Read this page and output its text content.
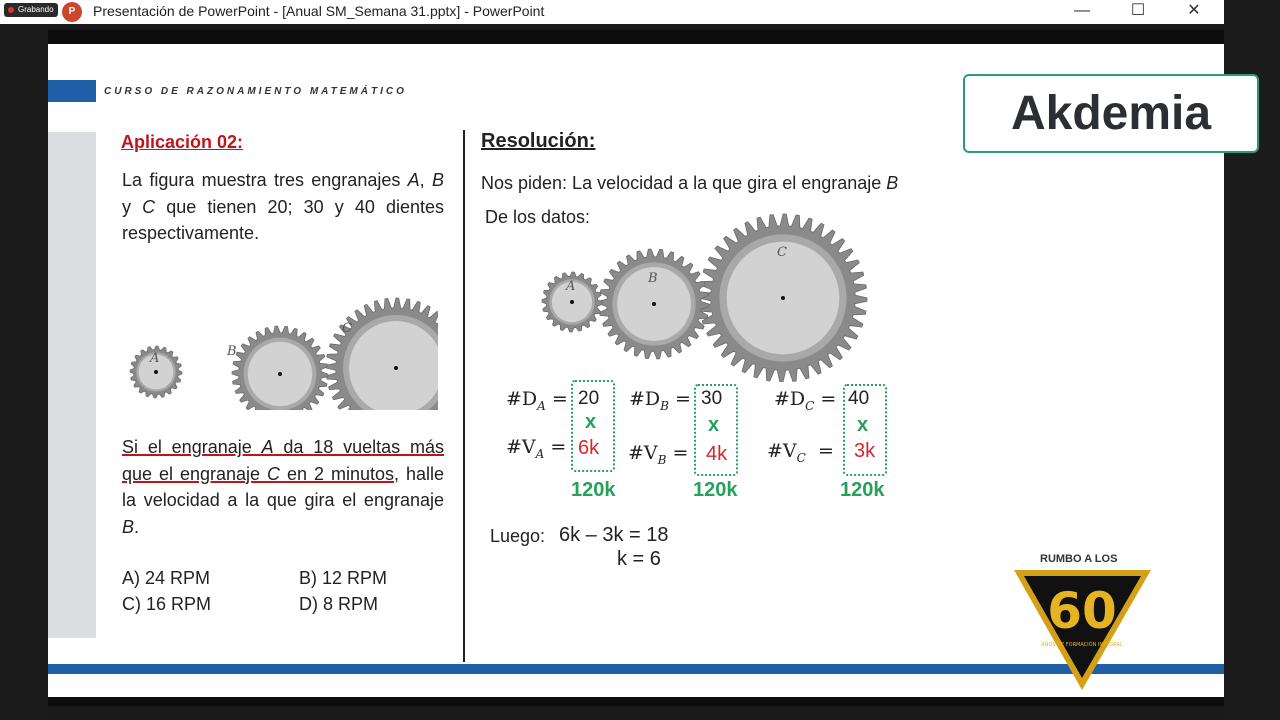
Grabando	P	Presentación de PowerPoint - [Anual SM_Semana 31.pptx] - PowerPoint	—	☐	✕
CURSO DE RAZONAMIENTO MATEMÁTICO
Aplicación 02:
La figura muestra tres engranajes A, B y C que tienen 20; 30 y 40 dientes respectivamente.
A	B
C
Si el engranaje A da 18 vueltas más que el engranaje C en 2 minutos, halle la velocidad a la que gira el engranaje B.
A) 24 RPM	B) 12 RPM
C) 16 RPM	D) 8 RPM
Resolución:
Nos piden: La velocidad a la que gira el engranaje B
De los datos:
A
B
C
$\#D_A$ =
$\#V_A$ =
20
x
6k
120k
$\#D_B$ =
$\#V_B$ =
30
x
4k
120k
$\#D_C$ =
$\#V_C$ =
40
x
3k
120k
Luego: 6k – 3k = 18
k = 6
Akdemia
RUMBO A LOS
60
AÑOS DE FORMACIÓN INTEGRAL
